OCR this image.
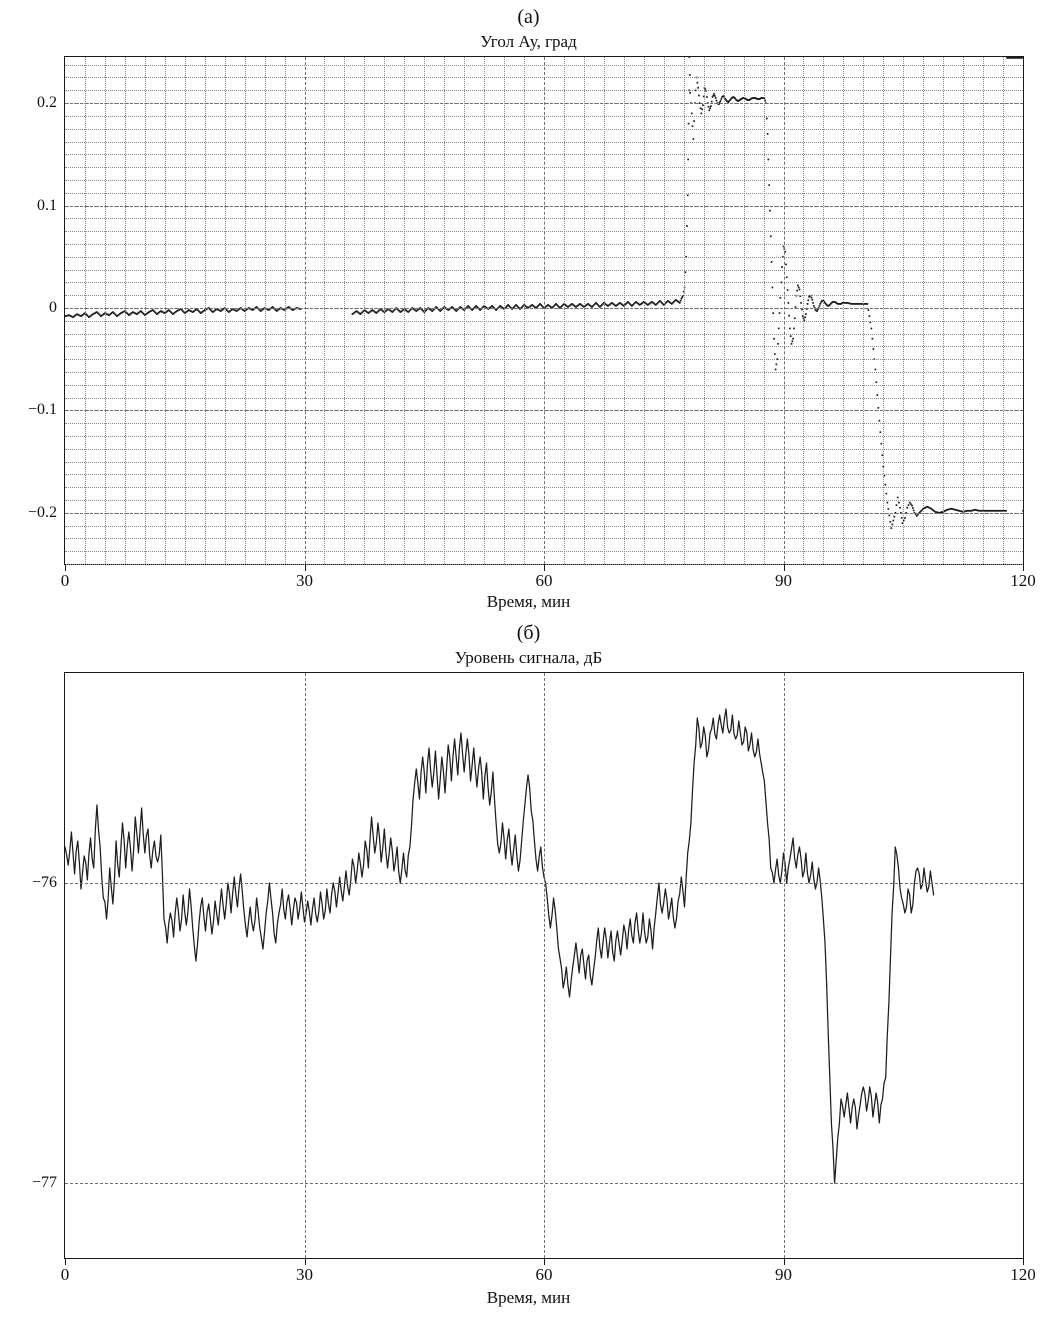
(а)
Угол Ау, град
0	30	60	90	120
−0.2
−0.1
0
0.1
0.2
Время, мин
(б)
Уровень сигнала, дБ
0	30	60	90	120
−77
−76
Время, мин
